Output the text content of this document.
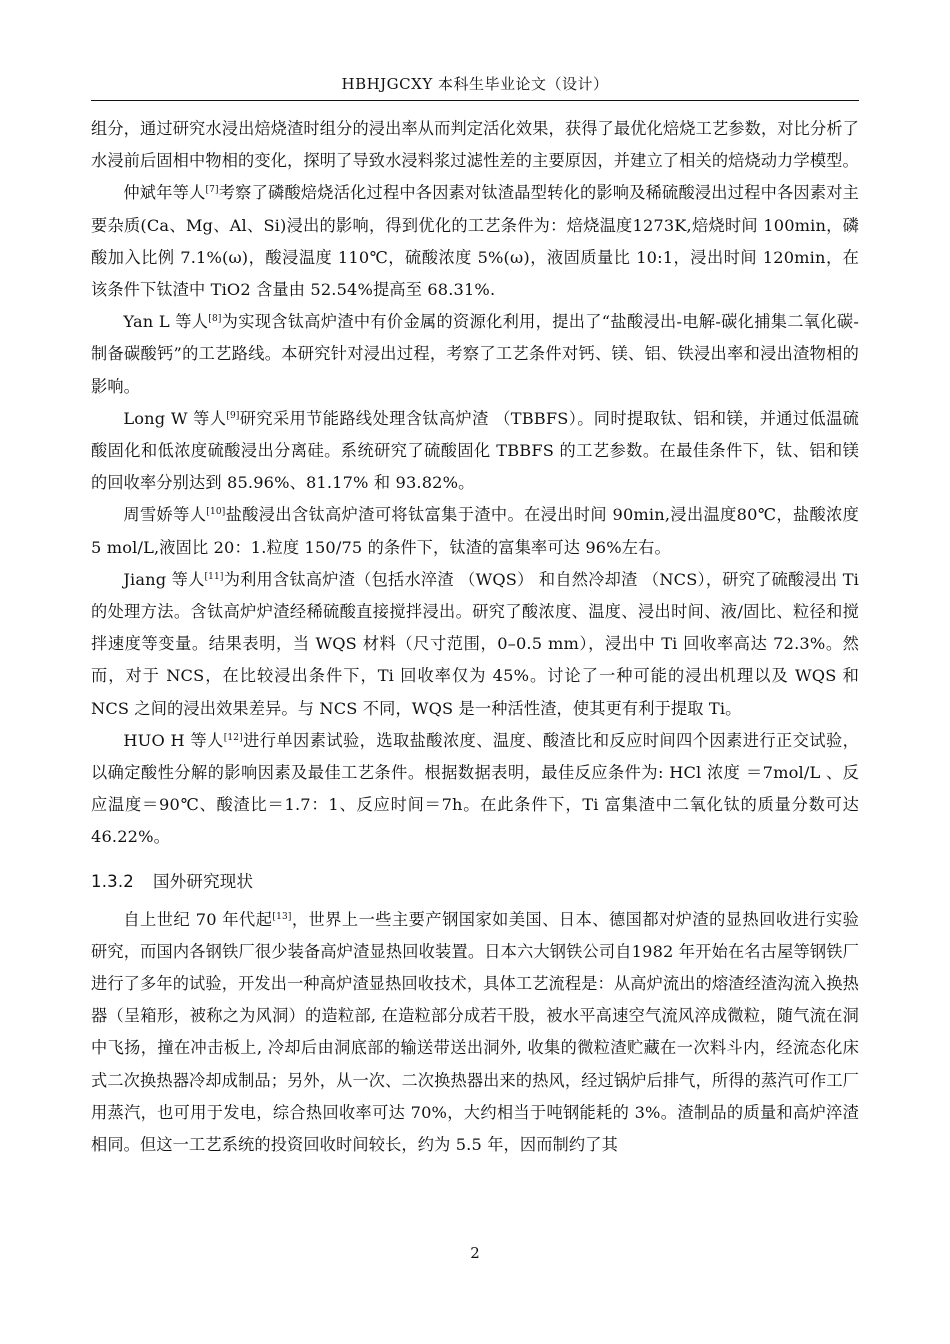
HBHJGCXY 本科生毕业论文（设计）

组分，通过研究水浸出焙烧渣时组分的浸出率从而判定活化效果，获得了最优化焙烧工艺参数，对比分析了水浸前后固相中物相的变化，探明了导致水浸料浆过滤性差的主要原因，并建立了相关的焙烧动力学模型。

仲斌年等人[7]考察了磷酸焙烧活化过程中各因素对钛渣晶型转化的影响及稀硫酸浸出过程中各因素对主要杂质(Ca、Mg、Al、Si)浸出的影响，得到优化的工艺条件为：焙烧温度1273K,焙烧时间 100min，磷酸加入比例 7.1%(ω)，酸浸温度 110℃，硫酸浓度 5%(ω)，液固质量比 10:1，浸出时间 120min，在该条件下钛渣中 TiO2 含量由 52.54%提高至 68.31%.

Yan L 等人[8]为实现含钛高炉渣中有价金属的资源化利用，提出了“盐酸浸出-电解-碳化捕集二氧化碳-制备碳酸钙”的工艺路线。本研究针对浸出过程，考察了工艺条件对钙、镁、铝、铁浸出率和浸出渣物相的影响。

Long W 等人[9]研究采用节能路线处理含钛高炉渣 （TBBFS）。同时提取钛、铝和镁，并通过低温硫酸固化和低浓度硫酸浸出分离硅。系统研究了硫酸固化 TBBFS 的工艺参数。在最佳条件下，钛、铝和镁的回收率分别达到 85.96%、81.17% 和 93.82%。

周雪娇等人[10]盐酸浸出含钛高炉渣可将钛富集于渣中。在浸出时间 90min,浸出温度80℃，盐酸浓度 5 mol/L,液固比 20：1.粒度 150/75 的条件下，钛渣的富集率可达 96%左右。

Jiang 等人[11]为利用含钛高炉渣（包括水淬渣 （WQS） 和自然冷却渣 （NCS），研究了硫酸浸出 Ti 的处理方法。含钛高炉炉渣经稀硫酸直接搅拌浸出。研究了酸浓度、温度、浸出时间、液/固比、粒径和搅拌速度等变量。结果表明，当 WQS 材料（尺寸范围，0–0.5 mm），浸出中 Ti 回收率高达 72.3%。然而，对于 NCS，在比较浸出条件下，Ti 回收率仅为 45%。讨论了一种可能的浸出机理以及 WQS 和 NCS 之间的浸出效果差异。与 NCS 不同，WQS 是一种活性渣，使其更有利于提取 Ti。

HUO H 等人[12]进行单因素试验，选取盐酸浓度、温度、酸渣比和反应时间四个因素进行正交试验，以确定酸性分解的影响因素及最佳工艺条件。根据数据表明，最佳反应条件为: HCl 浓度 ＝7mol/L 、反应温度＝90℃、酸渣比＝1.7：1、反应时间＝7h。在此条件下，Ti 富集渣中二氧化钛的质量分数可达 46.22%。

1.3.2 国外研究现状

自上世纪 70 年代起[13]，世界上一些主要产钢国家如美国、日本、德国都对炉渣的显热回收进行实验研究，而国内各钢铁厂很少装备高炉渣显热回收装置。日本六大钢铁公司自1982 年开始在名古屋等钢铁厂进行了多年的试验，开发出一种高炉渣显热回收技术，具体工艺流程是：从高炉流出的熔渣经渣沟流入换热器（呈箱形，被称之为风洞）的造粒部, 在造粒部分成若干股，被水平高速空气流风淬成微粒，随气流在洞中飞扬，撞在冲击板上, 冷却后由洞底部的输送带送出洞外, 收集的微粒渣贮藏在一次料斗内，经流态化床式二次换热器冷却成制品；另外，从一次、二次换热器出来的热风，经过锅炉后排气，所得的蒸汽可作工厂用蒸汽，也可用于发电，综合热回收率可达 70%，大约相当于吨钢能耗的 3%。渣制品的质量和高炉淬渣相同。但这一工艺系统的投资回收时间较长，约为 5.5 年，因而制约了其

2
